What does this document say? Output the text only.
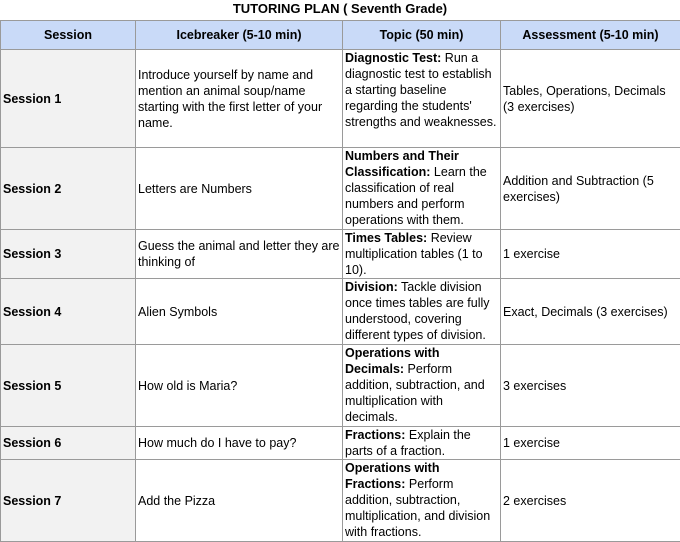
TUTORING PLAN ( Seventh Grade)
Session	Icebreaker (5-10 min)	Topic (50 min)	Assessment (5-10 min)
Session 1	Introduce yourself by name and mention an animal soup/name starting with the first letter of your name.	Diagnostic Test: Run a diagnostic test to establish a starting baseline regarding the students' strengths and weaknesses.	Tables, Operations, Decimals (3 exercises)
Session 2	Letters are Numbers	Numbers and Their Classification: Learn the classification of real numbers and perform operations with them.	Addition and Subtraction (5 exercises)
Session 3	Guess the animal and letter they are thinking of	Times Tables: Review multiplication tables (1 to 10).	1 exercise
Session 4	Alien Symbols	Division: Tackle division once times tables are fully understood, covering different types of division.	Exact, Decimals (3 exercises)
Session 5	How old is Maria?	Operations with Decimals: Perform addition, subtraction, and multiplication with decimals.	3 exercises
Session 6	How much do I have to pay?	Fractions: Explain the parts of a fraction.	1 exercise
Session 7	Add the Pizza	Operations with Fractions: Perform addition, subtraction, multiplication, and division with fractions.	2 exercises
